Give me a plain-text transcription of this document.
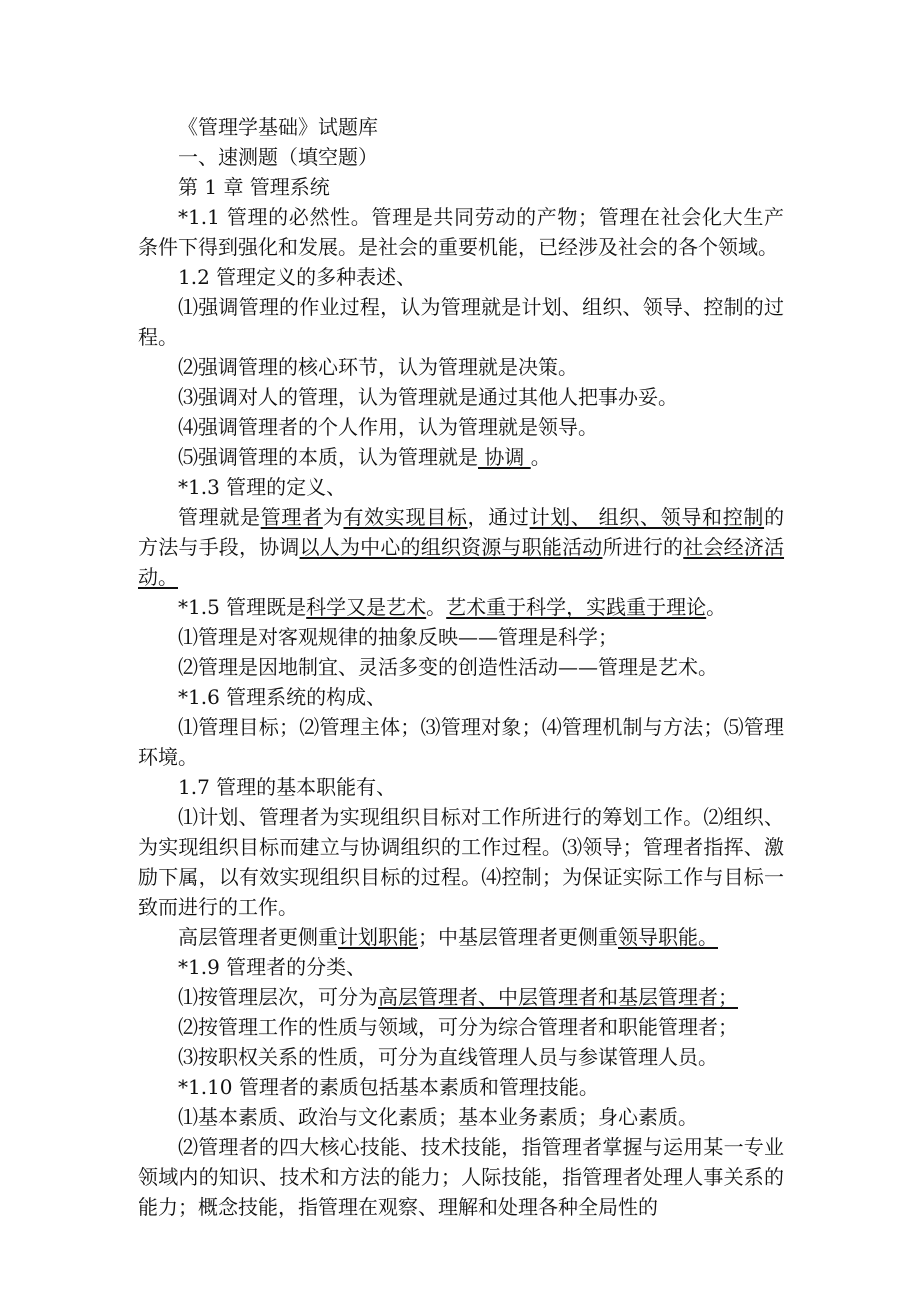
《管理学基础》试题库

一、速测题（填空题）

第 1 章 管理系统

*1.1 管理的必然性。管理是共同劳动的产物；管理在社会化大生产条件下得到强化和发展。是社会的重要机能，已经涉及社会的各个领域。

1.2 管理定义的多种表述、

⑴强调管理的作业过程，认为管理就是计划、组织、领导、控制的过程。

⑵强调管理的核心环节，认为管理就是决策。

⑶强调对人的管理，认为管理就是通过其他人把事办妥。

⑷强调管理者的个人作用，认为管理就是领导。

⑸强调管理的本质，认为管理就是 协调 。

*1.3 管理的定义、

管理就是管理者为有效实现目标，通过计划、 组织、领导和控制的方法与手段，协调以人为中心的组织资源与职能活动所进行的社会经济活动。

*1.5 管理既是科学又是艺术。艺术重于科学，实践重于理论。

⑴管理是对客观规律的抽象反映——管理是科学；

⑵管理是因地制宜、灵活多变的创造性活动——管理是艺术。

*1.6 管理系统的构成、

⑴管理目标；⑵管理主体；⑶管理对象；⑷管理机制与方法；⑸管理环境。

1.7 管理的基本职能有、

⑴计划、管理者为实现组织目标对工作所进行的筹划工作。⑵组织、为实现组织目标而建立与协调组织的工作过程。⑶领导；管理者指挥、激励下属，以有效实现组织目标的过程。⑷控制；为保证实际工作与目标一致而进行的工作。

高层管理者更侧重计划职能；中基层管理者更侧重领导职能。

*1.9 管理者的分类、

⑴按管理层次，可分为高层管理者、中层管理者和基层管理者；

⑵按管理工作的性质与领域，可分为综合管理者和职能管理者；

⑶按职权关系的性质，可分为直线管理人员与参谋管理人员。

*1.10 管理者的素质包括基本素质和管理技能。

⑴基本素质、政治与文化素质；基本业务素质；身心素质。

⑵管理者的四大核心技能、技术技能，指管理者掌握与运用某一专业领域内的知识、技术和方法的能力；人际技能，指管理者处理人事关系的能力；概念技能，指管理在观察、理解和处理各种全局性的
